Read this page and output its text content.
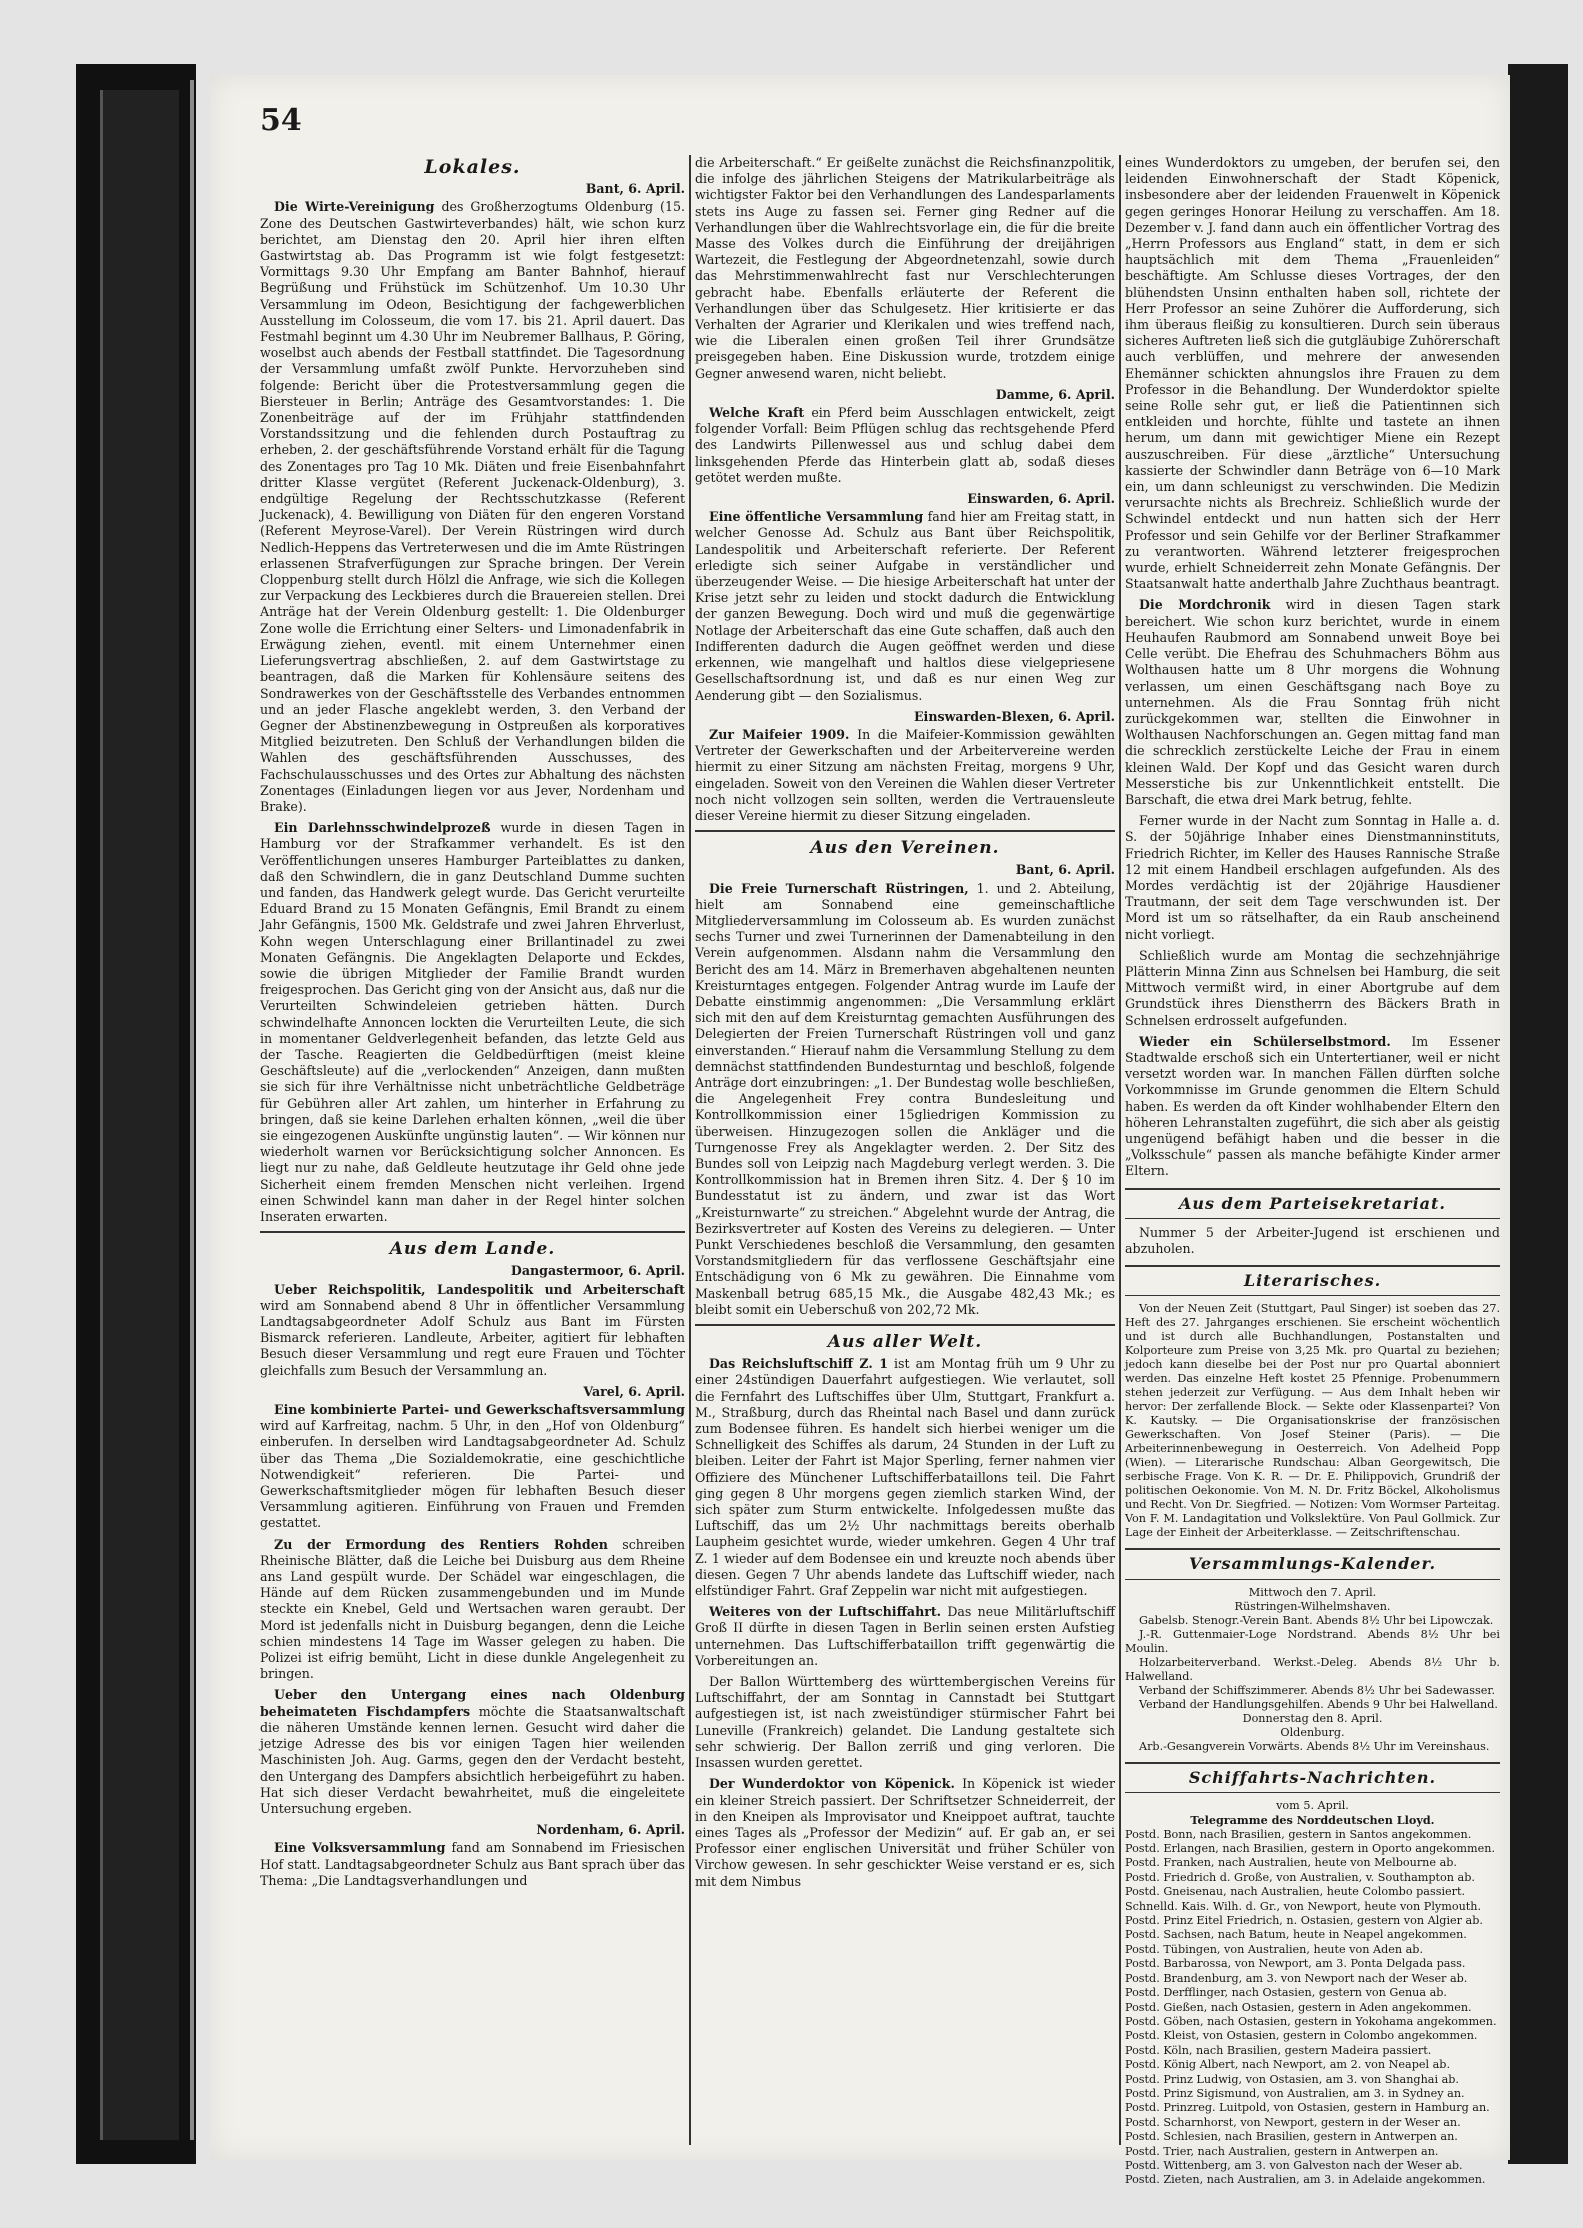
54
Lokales.
Bant, 6. April.

Die Wirte-Vereinigung des Großherzogtums Oldenburg (15. Zone des Deutschen Gastwirteverbandes) hält, wie schon kurz berichtet, am Dienstag den 20. April hier ihren elften Gastwirtstag ab. Das Programm ist wie folgt festgesetzt: Vormittags 9.30 Uhr Empfang am Banter Bahnhof, hierauf Begrüßung und Frühstück im Schützenhof. Um 10.30 Uhr Versammlung im Odeon, Besichtigung der fachgewerblichen Ausstellung im Colosseum, die vom 17. bis 21. April dauert. Das Festmahl beginnt um 4.30 Uhr im Neubremer Ballhaus, P. Göring, woselbst auch abends der Festball stattfindet. Die Tagesordnung der Versammlung umfaßt zwölf Punkte. Hervorzuheben sind folgende: Bericht über die Protestversammlung gegen die Biersteuer in Berlin; Anträge des Gesamtvorstandes: 1. Die Zonenbeiträge auf der im Frühjahr stattfindenden Vorstandssitzung und die fehlenden durch Postauftrag zu erheben, 2. der geschäftsführende Vorstand erhält für die Tagung des Zonentages pro Tag 10 Mk. Diäten und freie Eisenbahnfahrt dritter Klasse vergütet (Referent Juckenack-Oldenburg), 3. endgültige Regelung der Rechtsschutzkasse (Referent Juckenack), 4. Bewilligung von Diäten für den engeren Vorstand (Referent Meyrose-Varel). Der Verein Rüstringen wird durch Nedlich-Heppens das Vertreterwesen und die im Amte Rüstringen erlassenen Strafverfügungen zur Sprache bringen. Der Verein Cloppenburg stellt durch Hölzl die Anfrage, wie sich die Kollegen zur Verpackung des Leckbieres durch die Brauereien stellen. Drei Anträge hat der Verein Oldenburg gestellt: 1. Die Oldenburger Zone wolle die Errichtung einer Selters- und Limonadenfabrik in Erwägung ziehen, eventl. mit einem Unternehmer einen Lieferungsvertrag abschließen, 2. auf dem Gastwirtstage zu beantragen, daß die Marken für Kohlensäure seitens des Sondrawerkes von der Geschäftsstelle des Verbandes entnommen und an jeder Flasche angeklebt werden, 3. den Verband der Gegner der Abstinenzbewegung in Ostpreußen als korporatives Mitglied beizutreten. Den Schluß der Verhandlungen bilden die Wahlen des geschäftsführenden Ausschusses, des Fachschulausschusses und des Ortes zur Abhaltung des nächsten Zonentages (Einladungen liegen vor aus Jever, Nordenham und Brake).

Ein Darlehnsschwindelprozeß wurde in diesen Tagen in Hamburg vor der Strafkammer verhandelt. Es ist den Veröffentlichungen unseres Hamburger Parteiblattes zu danken, daß den Schwindlern, die in ganz Deutschland Dumme suchten und fanden, das Handwerk gelegt wurde. Das Gericht verurteilte Eduard Brand zu 15 Monaten Gefängnis, Emil Brandt zu einem Jahr Gefängnis, 1500 Mk. Geldstrafe und zwei Jahren Ehrverlust, Kohn wegen Unterschlagung einer Brillantinadel zu zwei Monaten Gefängnis. Die Angeklagten Delaporte und Eckdes, sowie die übrigen Mitglieder der Familie Brandt wurden freigesprochen. Das Gericht ging von der Ansicht aus, daß nur die Verurteilten Schwindeleien getrieben hätten. Durch schwindelhafte Annoncen lockten die Verurteilten Leute, die sich in momentaner Geldverlegenheit befanden, das letzte Geld aus der Tasche. Reagierten die Geldbedürftigen (meist kleine Geschäftsleute) auf die „verlockenden“ Anzeigen, dann mußten sie sich für ihre Verhältnisse nicht unbeträchtliche Geldbeträge für Gebühren aller Art zahlen, um hinterher in Erfahrung zu bringen, daß sie keine Darlehen erhalten können, „weil die über sie eingezogenen Auskünfte ungünstig lauten“. — Wir können nur wiederholt warnen vor Berücksichtigung solcher Annoncen. Es liegt nur zu nahe, daß Geldleute heutzutage ihr Geld ohne jede Sicherheit einem fremden Menschen nicht verleihen. Irgend einen Schwindel kann man daher in der Regel hinter solchen Inseraten erwarten.

Aus dem Lande.
Dangastermoor, 6. April.

Ueber Reichspolitik, Landespolitik und Arbeiterschaft wird am Sonnabend abend 8 Uhr in öffentlicher Versammlung Landtagsabgeordneter Adolf Schulz aus Bant im Fürsten Bismarck referieren. Landleute, Arbeiter, agitiert für lebhaften Besuch dieser Versammlung und regt eure Frauen und Töchter gleichfalls zum Besuch der Versammlung an.

Varel, 6. April.

Eine kombinierte Partei- und Gewerkschaftsversammlung wird auf Karfreitag, nachm. 5 Uhr, in den „Hof von Oldenburg“ einberufen. In derselben wird Landtagsabgeordneter Ad. Schulz über das Thema „Die Sozialdemokratie, eine geschichtliche Notwendigkeit“ referieren. Die Partei- und Gewerkschaftsmitglieder mögen für lebhaften Besuch dieser Versammlung agitieren. Einführung von Frauen und Fremden gestattet.

Zu der Ermordung des Rentiers Rohden schreiben Rheinische Blätter, daß die Leiche bei Duisburg aus dem Rheine ans Land gespült wurde. Der Schädel war eingeschlagen, die Hände auf dem Rücken zusammengebunden und im Munde steckte ein Knebel, Geld und Wertsachen waren geraubt. Der Mord ist jedenfalls nicht in Duisburg begangen, denn die Leiche schien mindestens 14 Tage im Wasser gelegen zu haben. Die Polizei ist eifrig bemüht, Licht in diese dunkle Angelegenheit zu bringen.

Ueber den Untergang eines nach Oldenburg beheimateten Fischdampfers möchte die Staatsanwaltschaft die näheren Umstände kennen lernen. Gesucht wird daher die jetzige Adresse des bis vor einigen Tagen hier weilenden Maschinisten Joh. Aug. Garms, gegen den der Verdacht besteht, den Untergang des Dampfers absichtlich herbeigeführt zu haben. Hat sich dieser Verdacht bewahrheitet, muß die eingeleitete Untersuchung ergeben.

Nordenham, 6. April.

Eine Volksversammlung fand am Sonnabend im Friesischen Hof statt. Landtagsabgeordneter Schulz aus Bant sprach über das Thema: „Die Landtagsverhandlungen und

die Arbeiterschaft.“ Er geißelte zunächst die Reichsfinanzpolitik, die infolge des jährlichen Steigens der Matrikularbeiträge als wichtigster Faktor bei den Verhandlungen des Landesparlaments stets ins Auge zu fassen sei. Ferner ging Redner auf die Verhandlungen über die Wahlrechtsvorlage ein, die für die breite Masse des Volkes durch die Einführung der dreijährigen Wartezeit, die Festlegung der Abgeordnetenzahl, sowie durch das Mehrstimmenwahlrecht fast nur Verschlechterungen gebracht habe. Ebenfalls erläuterte der Referent die Verhandlungen über das Schulgesetz. Hier kritisierte er das Verhalten der Agrarier und Klerikalen und wies treffend nach, wie die Liberalen einen großen Teil ihrer Grundsätze preisgegeben haben. Eine Diskussion wurde, trotzdem einige Gegner anwesend waren, nicht beliebt.

Damme, 6. April.

Welche Kraft ein Pferd beim Ausschlagen entwickelt, zeigt folgender Vorfall: Beim Pflügen schlug das rechtsgehende Pferd des Landwirts Pillenwessel aus und schlug dabei dem linksgehenden Pferde das Hinterbein glatt ab, sodaß dieses getötet werden mußte.

Einswarden, 6. April.

Eine öffentliche Versammlung fand hier am Freitag statt, in welcher Genosse Ad. Schulz aus Bant über Reichspolitik, Landespolitik und Arbeiterschaft referierte. Der Referent erledigte sich seiner Aufgabe in verständlicher und überzeugender Weise. — Die hiesige Arbeiterschaft hat unter der Krise jetzt sehr zu leiden und stockt dadurch die Entwicklung der ganzen Bewegung. Doch wird und muß die gegenwärtige Notlage der Arbeiterschaft das eine Gute schaffen, daß auch den Indifferenten dadurch die Augen geöffnet werden und diese erkennen, wie mangelhaft und haltlos diese vielgepriesene Gesellschaftsordnung ist, und daß es nur einen Weg zur Aenderung gibt — den Sozialismus.

Einswarden-Blexen, 6. April.

Zur Maifeier 1909. In die Maifeier-Kommission gewählten Vertreter der Gewerkschaften und der Arbeitervereine werden hiermit zu einer Sitzung am nächsten Freitag, morgens 9 Uhr, eingeladen. Soweit von den Vereinen die Wahlen dieser Vertreter noch nicht vollzogen sein sollten, werden die Vertrauensleute dieser Vereine hiermit zu dieser Sitzung eingeladen.

Aus den Vereinen.
Bant, 6. April.

Die Freie Turnerschaft Rüstringen, 1. und 2. Abteilung, hielt am Sonnabend eine gemeinschaftliche Mitgliederversammlung im Colosseum ab. Es wurden zunächst sechs Turner und zwei Turnerinnen der Damenabteilung in den Verein aufgenommen. Alsdann nahm die Versammlung den Bericht des am 14. März in Bremerhaven abgehaltenen neunten Kreisturntages entgegen. Folgender Antrag wurde im Laufe der Debatte einstimmig angenommen: „Die Versammlung erklärt sich mit den auf dem Kreisturntag gemachten Ausführungen des Delegierten der Freien Turnerschaft Rüstringen voll und ganz einverstanden.“ Hierauf nahm die Versammlung Stellung zu dem demnächst stattfindenden Bundesturntag und beschloß, folgende Anträge dort einzubringen: „1. Der Bundestag wolle beschließen, die Angelegenheit Frey contra Bundesleitung und Kontrollkommission einer 15gliedrigen Kommission zu überweisen. Hinzugezogen sollen die Ankläger und die Turngenosse Frey als Angeklagter werden. 2. Der Sitz des Bundes soll von Leipzig nach Magdeburg verlegt werden. 3. Die Kontrollkommission hat in Bremen ihren Sitz. 4. Der § 10 im Bundesstatut ist zu ändern, und zwar ist das Wort „Kreisturnwarte“ zu streichen.“ Abgelehnt wurde der Antrag, die Bezirksvertreter auf Kosten des Vereins zu delegieren. — Unter Punkt Verschiedenes beschloß die Versammlung, den gesamten Vorstandsmitgliedern für das verflossene Geschäftsjahr eine Entschädigung von 6 Mk zu gewähren. Die Einnahme vom Maskenball betrug 685,15 Mk., die Ausgabe 482,43 Mk.; es bleibt somit ein Ueberschuß von 202,72 Mk.

Aus aller Welt.

Das Reichsluftschiff Z. 1 ist am Montag früh um 9 Uhr zu einer 24stündigen Dauerfahrt aufgestiegen. Wie verlautet, soll die Fernfahrt des Luftschiffes über Ulm, Stuttgart, Frankfurt a. M., Straßburg, durch das Rheintal nach Basel und dann zurück zum Bodensee führen. Es handelt sich hierbei weniger um die Schnelligkeit des Schiffes als darum, 24 Stunden in der Luft zu bleiben. Leiter der Fahrt ist Major Sperling, ferner nahmen vier Offiziere des Münchener Luftschifferbataillons teil. Die Fahrt ging gegen 8 Uhr morgens gegen ziemlich starken Wind, der sich später zum Sturm entwickelte. Infolgedessen mußte das Luftschiff, das um 2½ Uhr nachmittags bereits oberhalb Laupheim gesichtet wurde, wieder umkehren. Gegen 4 Uhr traf Z. 1 wieder auf dem Bodensee ein und kreuzte noch abends über diesen. Gegen 7 Uhr abends landete das Luftschiff wieder, nach elfstündiger Fahrt. Graf Zeppelin war nicht mit aufgestiegen.

Weiteres von der Luftschiffahrt. Das neue Militärluftschiff Groß II dürfte in diesen Tagen in Berlin seinen ersten Aufstieg unternehmen. Das Luftschifferbataillon trifft gegenwärtig die Vorbereitungen an.

Der Ballon Württemberg des württembergischen Vereins für Luftschiffahrt, der am Sonntag in Cannstadt bei Stuttgart aufgestiegen ist, ist nach zweistündiger stürmischer Fahrt bei Luneville (Frankreich) gelandet. Die Landung gestaltete sich sehr schwierig. Der Ballon zerriß und ging verloren. Die Insassen wurden gerettet.

Der Wunderdoktor von Köpenick. In Köpenick ist wieder ein kleiner Streich passiert. Der Schriftsetzer Schneiderreit, der in den Kneipen als Improvisator und Kneippoet auftrat, tauchte eines Tages als „Professor der Medizin“ auf. Er gab an, er sei Professor einer englischen Universität und früher Schüler von Virchow gewesen. In sehr geschickter Weise verstand er es, sich mit dem Nimbus

eines Wunderdoktors zu umgeben, der berufen sei, den leidenden Einwohnerschaft der Stadt Köpenick, insbesondere aber der leidenden Frauenwelt in Köpenick gegen geringes Honorar Heilung zu verschaffen. Am 18. Dezember v. J. fand dann auch ein öffentlicher Vortrag des „Herrn Professors aus England“ statt, in dem er sich hauptsächlich mit dem Thema „Frauenleiden“ beschäftigte. Am Schlusse dieses Vortrages, der den blühendsten Unsinn enthalten haben soll, richtete der Herr Professor an seine Zuhörer die Aufforderung, sich ihm überaus fleißig zu konsultieren. Durch sein überaus sicheres Auftreten ließ sich die gutgläubige Zuhörerschaft auch verblüffen, und mehrere der anwesenden Ehemänner schickten ahnungslos ihre Frauen zu dem Professor in die Behandlung. Der Wunderdoktor spielte seine Rolle sehr gut, er ließ die Patientinnen sich entkleiden und horchte, fühlte und tastete an ihnen herum, um dann mit gewichtiger Miene ein Rezept auszuschreiben. Für diese „ärztliche“ Untersuchung kassierte der Schwindler dann Beträge von 6—10 Mark ein, um dann schleunigst zu verschwinden. Die Medizin verursachte nichts als Brechreiz. Schließlich wurde der Schwindel entdeckt und nun hatten sich der Herr Professor und sein Gehilfe vor der Berliner Strafkammer zu verantworten. Während letzterer freigesprochen wurde, erhielt Schneiderreit zehn Monate Gefängnis. Der Staatsanwalt hatte anderthalb Jahre Zuchthaus beantragt.

Die Mordchronik wird in diesen Tagen stark bereichert. Wie schon kurz berichtet, wurde in einem Heuhaufen Raubmord am Sonnabend unweit Boye bei Celle verübt. Die Ehefrau des Schuhmachers Böhm aus Wolthausen hatte um 8 Uhr morgens die Wohnung verlassen, um einen Geschäftsgang nach Boye zu unternehmen. Als die Frau Sonntag früh nicht zurückgekommen war, stellten die Einwohner in Wolthausen Nachforschungen an. Gegen mittag fand man die schrecklich zerstückelte Leiche der Frau in einem kleinen Wald. Der Kopf und das Gesicht waren durch Messerstiche bis zur Unkenntlichkeit entstellt. Die Barschaft, die etwa drei Mark betrug, fehlte.

Ferner wurde in der Nacht zum Sonntag in Halle a. d. S. der 50jährige Inhaber eines Dienstmanninstituts, Friedrich Richter, im Keller des Hauses Rannische Straße 12 mit einem Handbeil erschlagen aufgefunden. Als des Mordes verdächtig ist der 20jährige Hausdiener Trautmann, der seit dem Tage verschwunden ist. Der Mord ist um so rätselhafter, da ein Raub anscheinend nicht vorliegt.

Schließlich wurde am Montag die sechzehnjährige Plätterin Minna Zinn aus Schnelsen bei Hamburg, die seit Mittwoch vermißt wird, in einer Abortgrube auf dem Grundstück ihres Dienstherrn des Bäckers Brath in Schnelsen erdrosselt aufgefunden.

Wieder ein Schülerselbstmord. Im Essener Stadtwalde erschoß sich ein Untertertianer, weil er nicht versetzt worden war. In manchen Fällen dürften solche Vorkommnisse im Grunde genommen die Eltern Schuld haben. Es werden da oft Kinder wohlhabender Eltern den höheren Lehranstalten zugeführt, die sich aber als geistig ungenügend befähigt haben und die besser in die „Volksschule“ passen als manche befähigte Kinder armer Eltern.

Aus dem Parteisekretariat.

Nummer 5 der Arbeiter-Jugend ist erschienen und abzuholen.

Literarisches.

Von der Neuen Zeit (Stuttgart, Paul Singer) ist soeben das 27. Heft des 27. Jahrganges erschienen. Sie erscheint wöchentlich und ist durch alle Buchhandlungen, Postanstalten und Kolporteure zum Preise von 3,25 Mk. pro Quartal zu beziehen; jedoch kann dieselbe bei der Post nur pro Quartal abonniert werden. Das einzelne Heft kostet 25 Pfennige. Probenummern stehen jederzeit zur Verfügung. — Aus dem Inhalt heben wir hervor: Der zerfallende Block. — Sekte oder Klassenpartei? Von K. Kautsky. — Die Organisationskrise der französischen Gewerkschaften. Von Josef Steiner (Paris). — Die Arbeiterinnenbewegung in Oesterreich. Von Adelheid Popp (Wien). — Literarische Rundschau: Alban Georgewitsch, Die serbische Frage. Von K. R. — Dr. E. Philippovich, Grundriß der politischen Oekonomie. Von M. N. Dr. Fritz Böckel, Alkoholismus und Recht. Von Dr. Siegfried. — Notizen: Vom Wormser Parteitag. Von F. M. Landagitation und Volkslektüre. Von Paul Gollmick. Zur Lage der Einheit der Arbeiterklasse. — Zeitschriftenschau.

Versammlungs-Kalender.

Mittwoch den 7. April.

Rüstringen-Wilhelmshaven.

Gabelsb. Stenogr.-Verein Bant. Abends 8½ Uhr bei Lipowczak.

J.-R. Guttenmaier-Loge Nordstrand. Abends 8½ Uhr bei Moulin.

Holzarbeiterverband. Werkst.-Deleg. Abends 8½ Uhr b. Halwelland.

Verband der Schiffszimmerer. Abends 8½ Uhr bei Sadewasser.

Verband der Handlungsgehilfen. Abends 9 Uhr bei Halwelland.

Donnerstag den 8. April.

Oldenburg.

Arb.-Gesangverein Vorwärts. Abends 8½ Uhr im Vereinshaus.

Schiffahrts-Nachrichten.

vom 5. April.

Telegramme des Norddeutschen Lloyd.

Postd. Bonn, nach Brasilien, gestern in Santos angekommen.

Postd. Erlangen, nach Brasilien, gestern in Oporto angekommen.

Postd. Franken, nach Australien, heute von Melbourne ab.

Postd. Friedrich d. Große, von Australien, v. Southampton ab.

Postd. Gneisenau, nach Australien, heute Colombo passiert.

Schnelld. Kais. Wilh. d. Gr., von Newport, heute von Plymouth.

Postd. Prinz Eitel Friedrich, n. Ostasien, gestern von Algier ab.

Postd. Sachsen, nach Batum, heute in Neapel angekommen.

Postd. Tübingen, von Australien, heute von Aden ab.

Postd. Barbarossa, von Newport, am 3. Ponta Delgada pass.

Postd. Brandenburg, am 3. von Newport nach der Weser ab.

Postd. Derfflinger, nach Ostasien, gestern von Genua ab.

Postd. Gießen, nach Ostasien, gestern in Aden angekommen.

Postd. Göben, nach Ostasien, gestern in Yokohama angekommen.

Postd. Kleist, von Ostasien, gestern in Colombo angekommen.

Postd. Köln, nach Brasilien, gestern Madeira passiert.

Postd. König Albert, nach Newport, am 2. von Neapel ab.

Postd. Prinz Ludwig, von Ostasien, am 3. von Shanghai ab.

Postd. Prinz Sigismund, von Australien, am 3. in Sydney an.

Postd. Prinzreg. Luitpold, von Ostasien, gestern in Hamburg an.

Postd. Scharnhorst, von Newport, gestern in der Weser an.

Postd. Schlesien, nach Brasilien, gestern in Antwerpen an.

Postd. Trier, nach Australien, gestern in Antwerpen an.

Postd. Wittenberg, am 3. von Galveston nach der Weser ab.

Postd. Zieten, nach Australien, am 3. in Adelaide angekommen.
